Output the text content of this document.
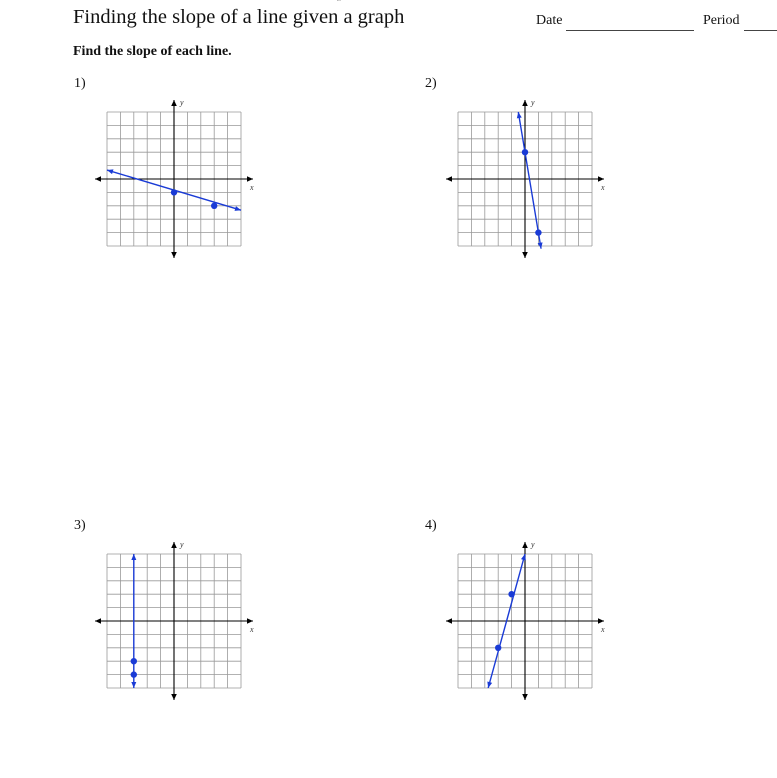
Finding the slope of a line given a graph	Date	Period
Find the slope of each line.
1)
x
y
2)
x
y
3)
x
y
4)
x
y
